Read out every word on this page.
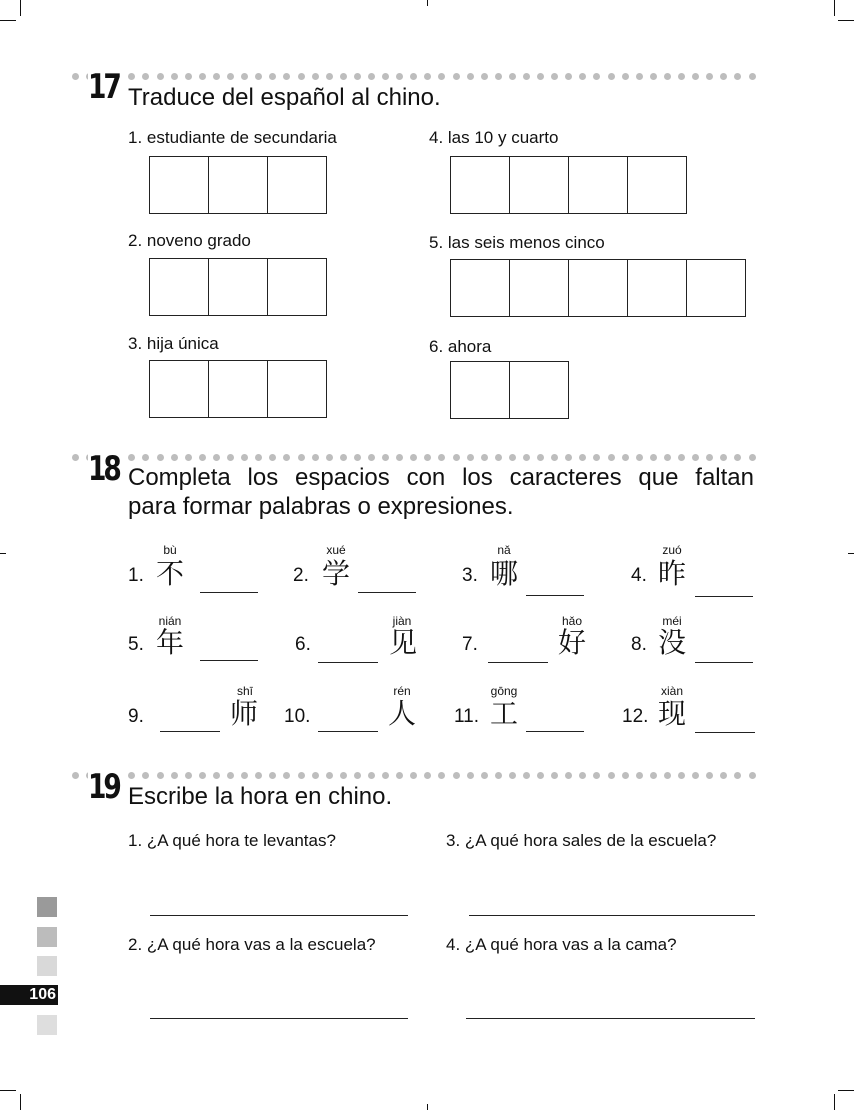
17 Traduce del español al chino.
1. estudiante de secundaria
2. noveno grado
3. hija única
4. las 10 y cuarto
5. las seis menos cinco
6. ahora
18 Completa los espacios con los caracteres que faltan
para formar palabras o expresiones.
1.
bù
不	2.
xué
学	3.
nǎ
哪	4.
zuó
昨
5.
nián
年	6.
jiàn
见 7.
hǎo
好 8.
méi
没
9.
shī
师 10.
rén
人 11.
gōng
工	12.
xiàn
现
19 Escribe la hora en chino.
1. ¿A qué hora te levantas?
2. ¿A qué hora vas a la escuela?
3. ¿A qué hora sales de la escuela?
4. ¿A qué hora vas a la cama?
106
